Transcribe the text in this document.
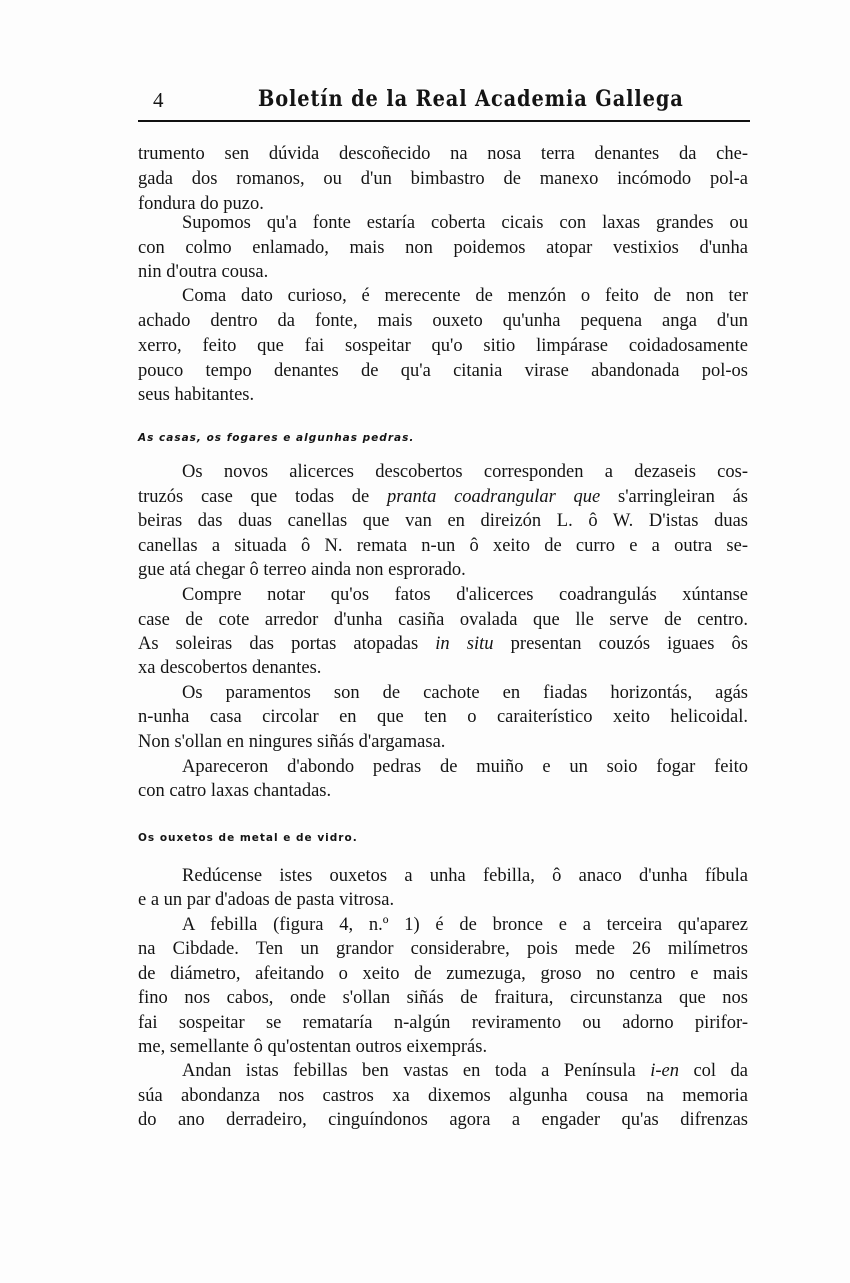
4	Boletín de la Real Academia Gallega
trumento sen dúvida descoñecido na nosa terra denantes da che-
gada dos romanos, ou d'un bimbastro de manexo incómodo pol-a
fondura do puzo.
Supomos qu'a fonte estaría coberta cicais con laxas grandes ou
con colmo enlamado, mais non poidemos atopar vestixios d'unha
nin d'outra cousa.
Coma dato curioso, é merecente de menzón o feito de non ter
achado dentro da fonte, mais ouxeto qu'unha pequena anga d'un
xerro, feito que fai sospeitar qu'o sitio limpárase coidadosamente
pouco tempo denantes de qu'a citania virase abandonada pol-os
seus habitantes.
As casas, os fogares e algunhas pedras.
Os novos alicerces descobertos corresponden a dezaseis cos-
truzós case que todas de pranta coadrangular que s'arringleiran ás
beiras das duas canellas que van en direizón L. ô W. D'istas duas
canellas a situada ô N. remata n-un ô xeito de curro e a outra se-
gue atá chegar ô terreo ainda non esprorado.
Compre notar qu'os fatos d'alicerces coadrangulás xúntanse
case de cote arredor d'unha casiña ovalada que lle serve de centro.
As soleiras das portas atopadas in situ presentan couzós iguaes ôs
xa descobertos denantes.
Os paramentos son de cachote en fiadas horizontás, agás
n-unha casa circolar en que ten o caraiterístico xeito helicoidal.
Non s'ollan en ningures siñás d'argamasa.
Apareceron d'abondo pedras de muiño e un soio fogar feito
con catro laxas chantadas.
Os ouxetos de metal e de vidro.
Redúcense istes ouxetos a unha febilla, ô anaco d'unha fíbula
e a un par d'adoas de pasta vitrosa.
A febilla (figura 4, n.º 1) é de bronce e a terceira qu'aparez
na Cibdade. Ten un grandor considerabre, pois mede 26 milímetros
de diámetro, afeitando o xeito de zumezuga, groso no centro e mais
fino nos cabos, onde s'ollan siñás de fraitura, circunstanza que nos
fai sospeitar se remataría n-algún reviramento ou adorno pirifor-
me, semellante ô qu'ostentan outros eixemprás.
Andan istas febillas ben vastas en toda a Península i-en col da
súa abondanza nos castros xa dixemos algunha cousa na memoria
do ano derradeiro, cinguíndonos agora a engader qu'as difrenzas
